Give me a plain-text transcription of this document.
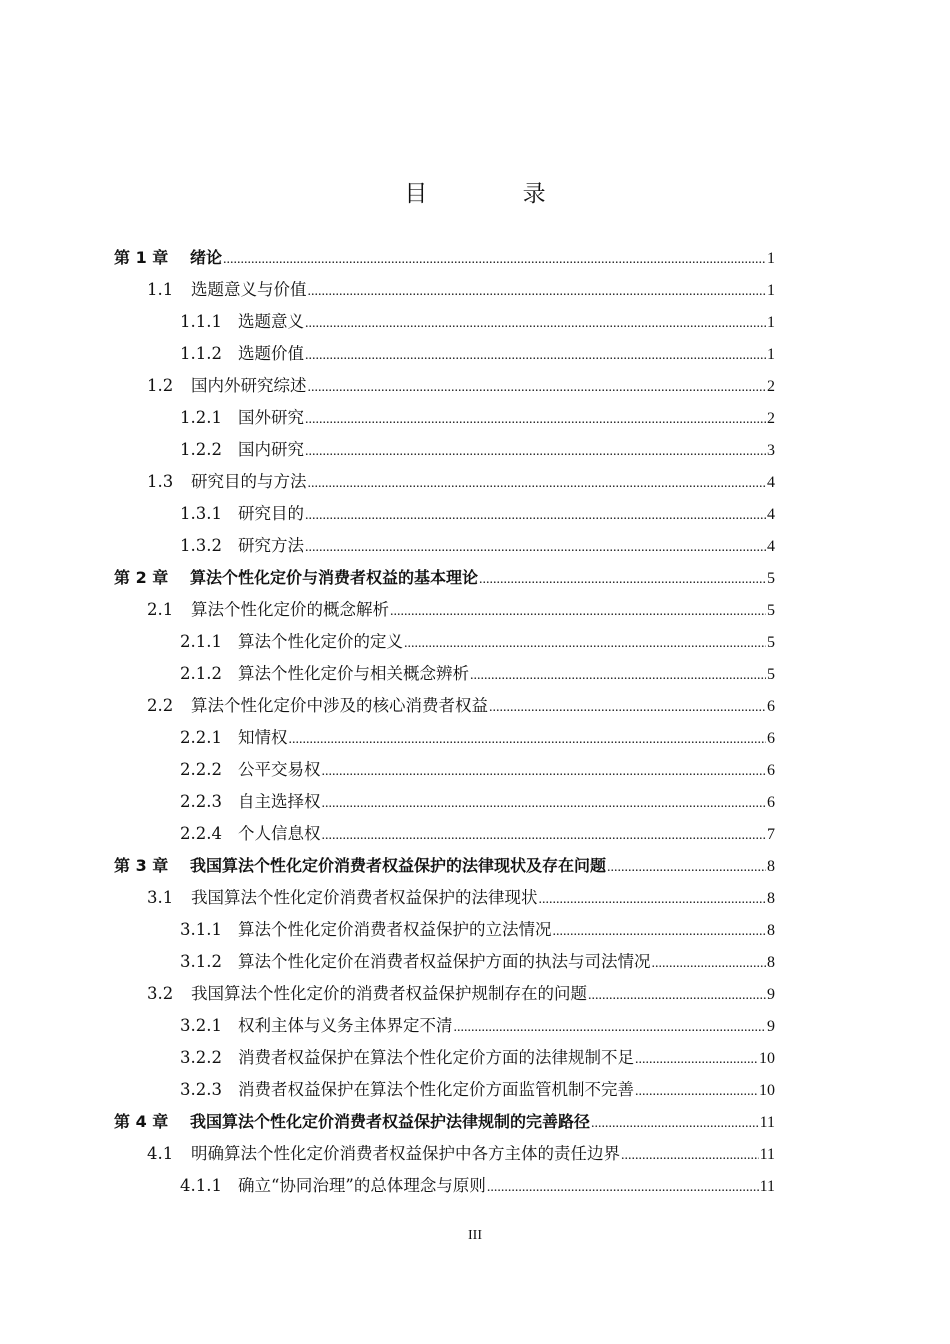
目 录
第 1 章	绪论 .....	1
1.1	选题意义与价值 .....	1
1.1.1 选题意义 .....	1
1.1.2 选题价值 .....	1
1.2	国内外研究综述 .....	2
1.2.1 国外研究 .....	2
1.2.2 国内研究 .....	3
1.3	研究目的与方法 .....	4
1.3.1 研究目的 .....	4
1.3.2 研究方法 .....	4
第 2 章	算法个性化定价与消费者权益的基本理论 .....	5
2.1	算法个性化定价的概念解析 .....	5
2.1.1 算法个性化定价的定义 .....	5
2.1.2 算法个性化定价与相关概念辨析 .....	5
2.2	算法个性化定价中涉及的核心消费者权益 .....	6
2.2.1 知情权 .....	6
2.2.2 公平交易权 .....	6
2.2.3 自主选择权 .....	6
2.2.4 个人信息权 .....	7
第 3 章	我国算法个性化定价消费者权益保护的法律现状及存在问题 .....	8
3.1	我国算法个性化定价消费者权益保护的法律现状 .....	8
3.1.1 算法个性化定价消费者权益保护的立法情况 .....	8
3.1.2 算法个性化定价在消费者权益保护方面的执法与司法情况 .....	8
3.2	我国算法个性化定价的消费者权益保护规制存在的问题 .....	9
3.2.1 权利主体与义务主体界定不清 .....	9
3.2.2 消费者权益保护在算法个性化定价方面的法律规制不足 .....	10
3.2.3 消费者权益保护在算法个性化定价方面监管机制不完善 .....	10
第 4 章	我国算法个性化定价消费者权益保护法律规制的完善路径 .....	11
4.1	明确算法个性化定价消费者权益保护中各方主体的责任边界 .....	11
4.1.1 确立“协同治理”的总体理念与原则 .....	11
III
